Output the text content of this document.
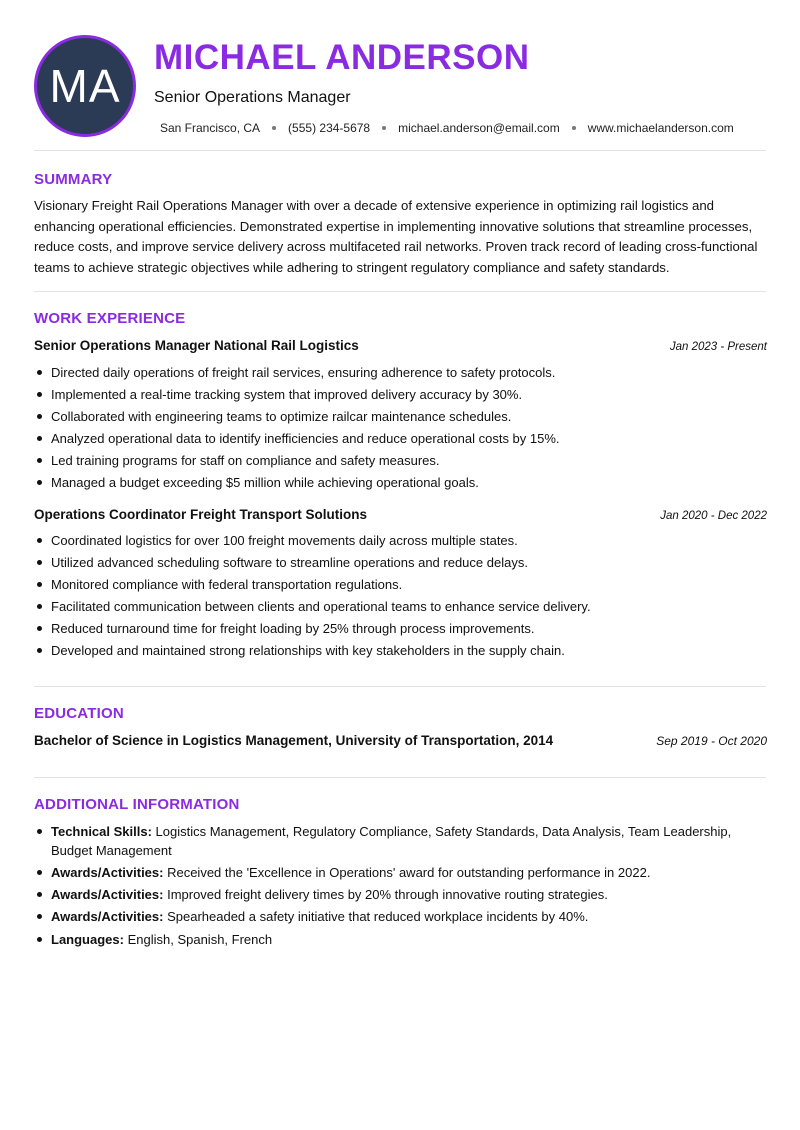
MA
MICHAEL ANDERSON
Senior Operations Manager
San Francisco, CA (555) 234-5678 michael.anderson@email.com www.michaelanderson.com
SUMMARY
Visionary Freight Rail Operations Manager with over a decade of extensive experience in optimizing rail logistics and enhancing operational efficiencies. Demonstrated expertise in implementing innovative solutions that streamline processes, reduce costs, and improve service delivery across multifaceted rail networks. Proven track record of leading cross-functional teams to achieve strategic objectives while adhering to stringent regulatory compliance and safety standards.
WORK EXPERIENCE
Senior Operations Manager National Rail Logistics	Jan 2023 - Present
Directed daily operations of freight rail services, ensuring adherence to safety protocols.
Implemented a real-time tracking system that improved delivery accuracy by 30%.
Collaborated with engineering teams to optimize railcar maintenance schedules.
Analyzed operational data to identify inefficiencies and reduce operational costs by 15%.
Led training programs for staff on compliance and safety measures.
Managed a budget exceeding $5 million while achieving operational goals.
Operations Coordinator Freight Transport Solutions	Jan 2020 - Dec 2022
Coordinated logistics for over 100 freight movements daily across multiple states.
Utilized advanced scheduling software to streamline operations and reduce delays.
Monitored compliance with federal transportation regulations.
Facilitated communication between clients and operational teams to enhance service delivery.
Reduced turnaround time for freight loading by 25% through process improvements.
Developed and maintained strong relationships with key stakeholders in the supply chain.
EDUCATION
Bachelor of Science in Logistics Management, University of Transportation, 2014	Sep 2019 - Oct 2020
ADDITIONAL INFORMATION
Technical Skills: Logistics Management, Regulatory Compliance, Safety Standards, Data Analysis, Team Leadership, Budget Management
Awards/Activities: Received the 'Excellence in Operations' award for outstanding performance in 2022.
Awards/Activities: Improved freight delivery times by 20% through innovative routing strategies.
Awards/Activities: Spearheaded a safety initiative that reduced workplace incidents by 40%.
Languages: English, Spanish, French
